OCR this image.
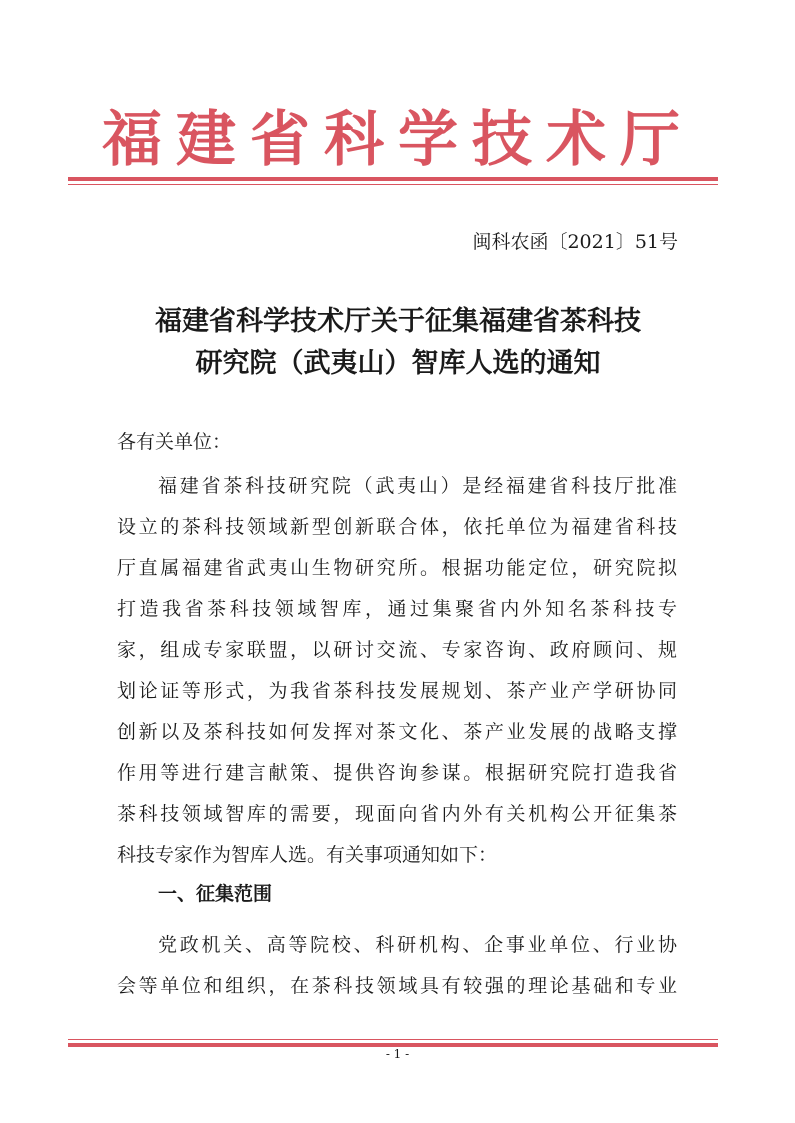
福建省科学技术厅
闽科农函〔2021〕51号
福建省科学技术厅关于征集福建省茶科技
研究院（武夷山）智库人选的通知
各有关单位：
福建省茶科技研究院（武夷山）是经福建省科技厅批准
设立的茶科技领域新型创新联合体，依托单位为福建省科技
厅直属福建省武夷山生物研究所。根据功能定位，研究院拟
打造我省茶科技领域智库，通过集聚省内外知名茶科技专
家，组成专家联盟，以研讨交流、专家咨询、政府顾问、规
划论证等形式，为我省茶科技发展规划、茶产业产学研协同
创新以及茶科技如何发挥对茶文化、茶产业发展的战略支撑
作用等进行建言献策、提供咨询参谋。根据研究院打造我省
茶科技领域智库的需要，现面向省内外有关机构公开征集茶
科技专家作为智库人选。有关事项通知如下：
一、征集范围
党政机关、高等院校、科研机构、企事业单位、行业协
会等单位和组织，在茶科技领域具有较强的理论基础和专业
- 1 -
